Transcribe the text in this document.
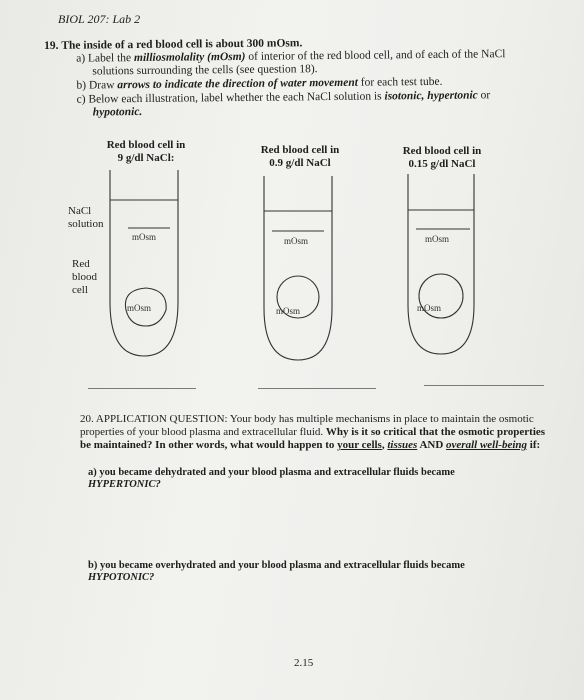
BIOL 207: Lab 2
19. The inside of a red blood cell is about 300 mOsm.
a) Label the milliosmolality (mOsm) of interior of the red blood cell, and of each of the NaCl
solutions surrounding the cells (see question 18).
b) Draw arrows to indicate the direction of water movement for each test tube.
c) Below each illustration, label whether the each NaCl solution is isotonic, hypertonic or
hypotonic.
Red blood cell in
9 g/dl NaCl:
Red blood cell in
0.9 g/dl NaCl
Red blood cell in
0.15 g/dl NaCl
NaCl
solution
Red
blood
cell
mOsm
mOsm
mOsm
mOsm
mOsm
mOsm
20. APPLICATION QUESTION: Your body has multiple mechanisms in place to maintain the osmotic
properties of your blood plasma and extracellular fluid. Why is it so critical that the osmotic properties
be maintained? In other words, what would happen to your cells, tissues AND overall well-being if:
a) you became dehydrated and your blood plasma and extracellular fluids became
HYPERTONIC?
b) you became overhydrated and your blood plasma and extracellular fluids became
HYPOTONIC?
2.15
